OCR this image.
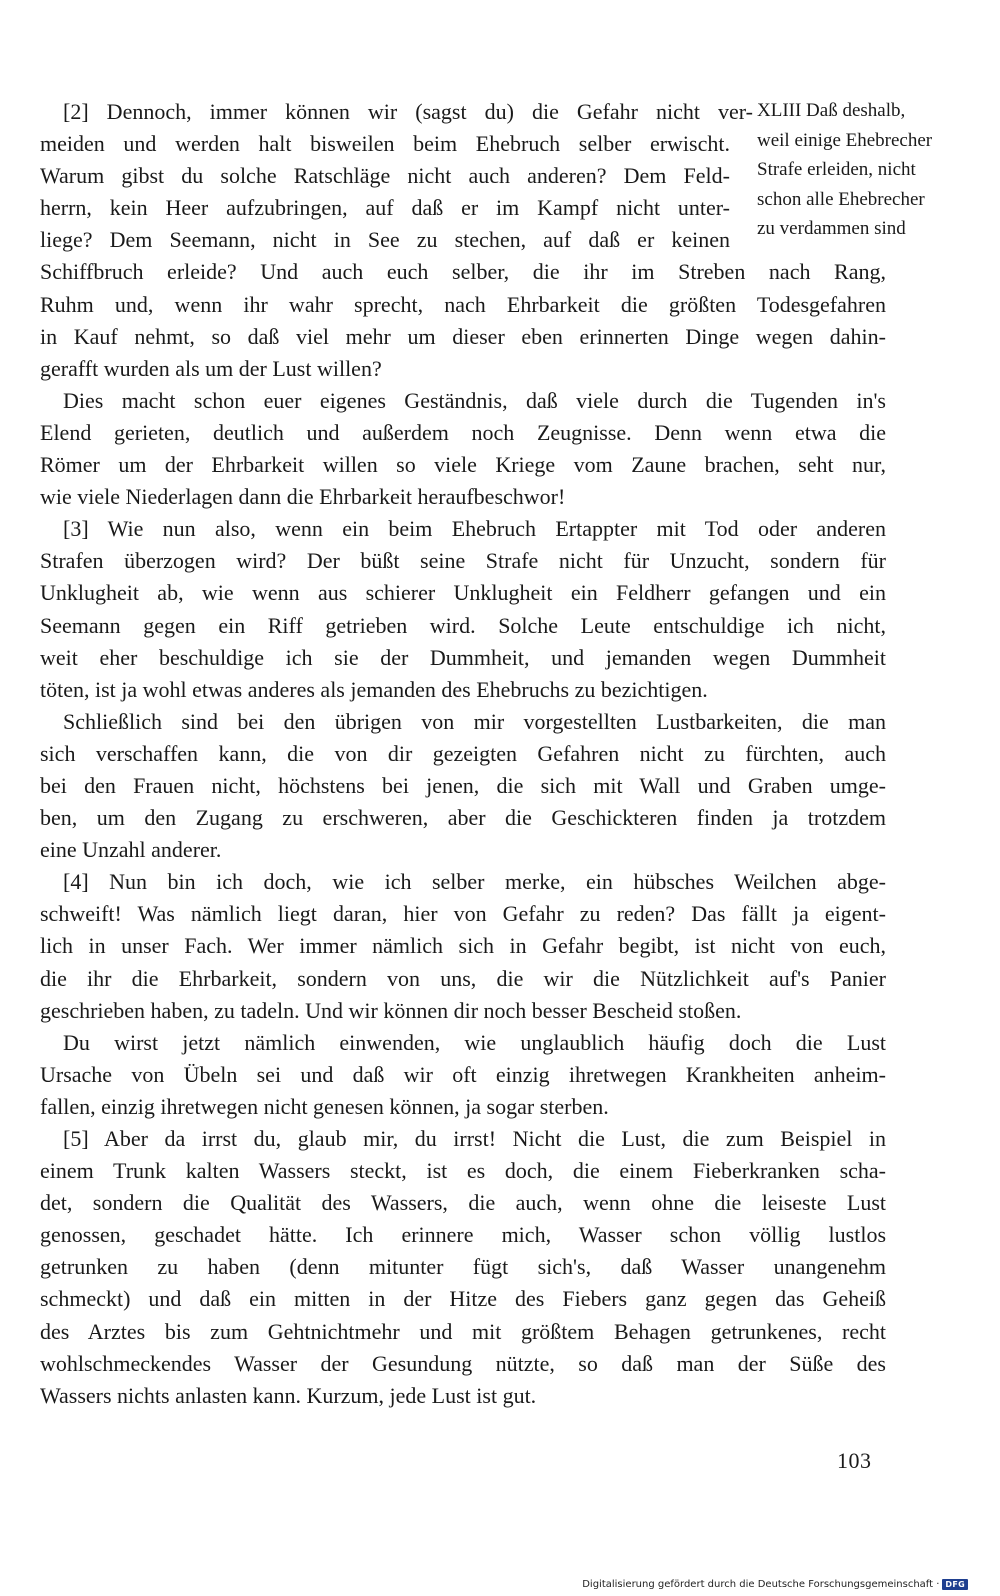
XLIII Daß deshalb,
weil einige Ehebrecher
Strafe erleiden, nicht
schon alle Ehebrecher
zu verdammen sind
[2] Dennoch, immer können wir (sagst du) die Gefahr nicht ver-
meiden und werden halt bisweilen beim Ehebruch selber erwischt.
Warum gibst du solche Ratschläge nicht auch anderen? Dem Feld-
herrn, kein Heer aufzubringen, auf daß er im Kampf nicht unter-
liege? Dem Seemann, nicht in See zu stechen, auf daß er keinen
Schiffbruch erleide? Und auch euch selber, die ihr im Streben nach Rang,
Ruhm und, wenn ihr wahr sprecht, nach Ehrbarkeit die größten Todesgefahren
in Kauf nehmt, so daß viel mehr um dieser eben erinnerten Dinge wegen dahin-
gerafft wurden als um der Lust willen?
Dies macht schon euer eigenes Geständnis, daß viele durch die Tugenden in's
Elend gerieten, deutlich und außerdem noch Zeugnisse. Denn wenn etwa die
Römer um der Ehrbarkeit willen so viele Kriege vom Zaune brachen, seht nur,
wie viele Niederlagen dann die Ehrbarkeit heraufbeschwor!
[3] Wie nun also, wenn ein beim Ehebruch Ertappter mit Tod oder anderen
Strafen überzogen wird? Der büßt seine Strafe nicht für Unzucht, sondern für
Unklugheit ab, wie wenn aus schierer Unklugheit ein Feldherr gefangen und ein
Seemann gegen ein Riff getrieben wird. Solche Leute entschuldige ich nicht,
weit eher beschuldige ich sie der Dummheit, und jemanden wegen Dummheit
töten, ist ja wohl etwas anderes als jemanden des Ehebruchs zu bezichtigen.
Schließlich sind bei den übrigen von mir vorgestellten Lustbarkeiten, die man
sich verschaffen kann, die von dir gezeigten Gefahren nicht zu fürchten, auch
bei den Frauen nicht, höchstens bei jenen, die sich mit Wall und Graben umge-
ben, um den Zugang zu erschweren, aber die Geschickteren finden ja trotzdem
eine Unzahl anderer.
[4] Nun bin ich doch, wie ich selber merke, ein hübsches Weilchen abge-
schweift! Was nämlich liegt daran, hier von Gefahr zu reden? Das fällt ja eigent-
lich in unser Fach. Wer immer nämlich sich in Gefahr begibt, ist nicht von euch,
die ihr die Ehrbarkeit, sondern von uns, die wir die Nützlichkeit auf's Panier
geschrieben haben, zu tadeln. Und wir können dir noch besser Bescheid stoßen.
Du wirst jetzt nämlich einwenden, wie unglaublich häufig doch die Lust
Ursache von Übeln sei und daß wir oft einzig ihretwegen Krankheiten anheim-
fallen, einzig ihretwegen nicht genesen können, ja sogar sterben.
[5] Aber da irrst du, glaub mir, du irrst! Nicht die Lust, die zum Beispiel in
einem Trunk kalten Wassers steckt, ist es doch, die einem Fieberkranken scha-
det, sondern die Qualität des Wassers, die auch, wenn ohne die leiseste Lust
genossen, geschadet hätte. Ich erinnere mich, Wasser schon völlig lustlos
getrunken zu haben (denn mitunter fügt sich's, daß Wasser unangenehm
schmeckt) und daß ein mitten in der Hitze des Fiebers ganz gegen das Geheiß
des Arztes bis zum Gehtnichtmehr und mit größtem Behagen getrunkenes, recht
wohlschmeckendes Wasser der Gesundung nützte, so daß man der Süße des
Wassers nichts anlasten kann. Kurzum, jede Lust ist gut.
103
Digitalisierung gefördert durch die Deutsche Forschungsgemeinschaft · DFG
